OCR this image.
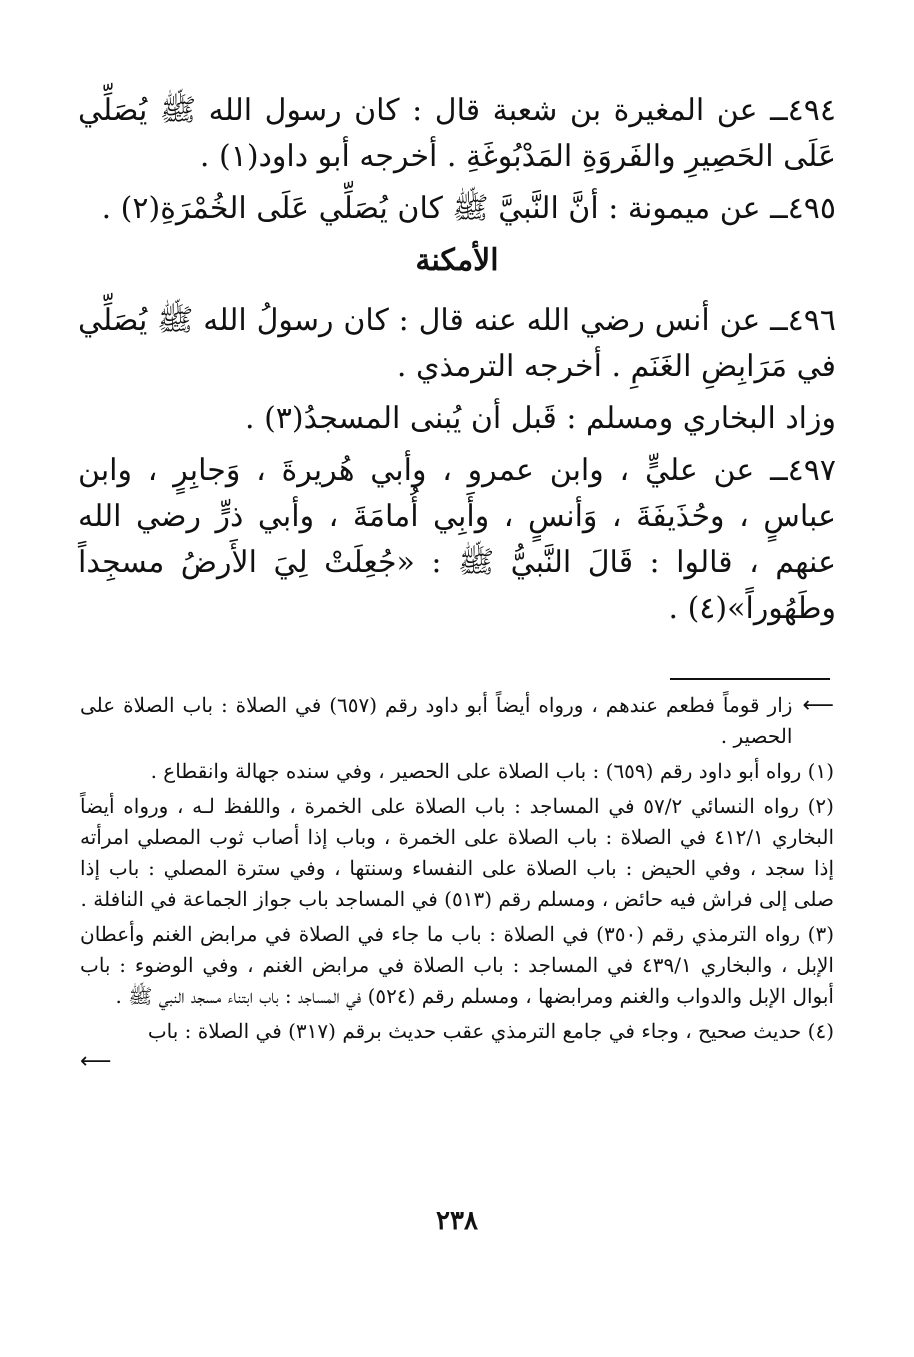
٤٩٤ــ عن المغيرة بن شعبة قال : كان رسول الله ﷺ يُصَلِّي عَلَى الحَصِيرِ والفَروَةِ المَدْبُوغَةِ . أخرجه أبو داود(١) .

٤٩٥ــ عن ميمونة : أنَّ النَّبيَّ ﷺ كان يُصَلِّي عَلَى الخُمْرَةِ(٢) .

الأمكنة

٤٩٦ــ عن أنس رضي الله عنه قال : كان رسولُ الله ﷺ يُصَلِّي في مَرَابِضِ الغَنَمِ . أخرجه الترمذي .

وزاد البخاري ومسلم : قَبل أن يُبنى المسجدُ(٣) .

٤٩٧ــ عن عليٍّ ، وابن عمرو ، وأبي هُريرةَ ، وَجابِرٍ ، وابن عباسٍ ، وحُذَيفَةَ ، وَأنسٍ ، وأَبِي أُمامَةَ ، وأبي ذرٍّ رضي الله عنهم ، قالوا : قَالَ النَّبيُّ ﷺ : «جُعِلَتْ لِيَ الأَرضُ مسجِداً وطَهُوراً»(٤) .

⟵
زار قوماً فطعم عندهم ، ورواه أيضاً أبو داود رقم (٦٥٧) في الصلاة : باب الصلاة على الحصير .
(١) رواه أبو داود رقم (٦٥٩) : باب الصلاة على الحصير ، وفي سنده جهالة وانقطاع .
(٢) رواه النسائي ٥٧/٢ في المساجد : باب الصلاة على الخمرة ، واللفظ لـه ، ورواه أيضاً البخاري ٤١٢/١ في الصلاة : باب الصلاة على الخمرة ، وباب إذا أصاب ثوب المصلي امرأته إذا سجد ، وفي الحيض : باب الصلاة على النفساء وسنتها ، وفي سترة المصلي : باب إذا صلى إلى فراش فيه حائض ، ومسلم رقم (٥١٣) في المساجد باب جواز الجماعة في النافلة .
(٣) رواه الترمذي رقم (٣٥٠) في الصلاة : باب ما جاء في الصلاة في مرابض الغنم وأعطان الإبل ، والبخاري ٤٣٩/١ في المساجد : باب الصلاة في مرابض الغنم ، وفي الوضوء : باب أبوال الإبل والدواب والغنم ومرابضها ، ومسلم رقم (٥٢٤) في المساجد : باب ابتناء مسجد النبي ﷺ .
(٤) حديث صحيح ، وجاء في جامع الترمذي عقب حديث برقم (٣١٧) في الصلاة : باب
⟵
٢٣٨
